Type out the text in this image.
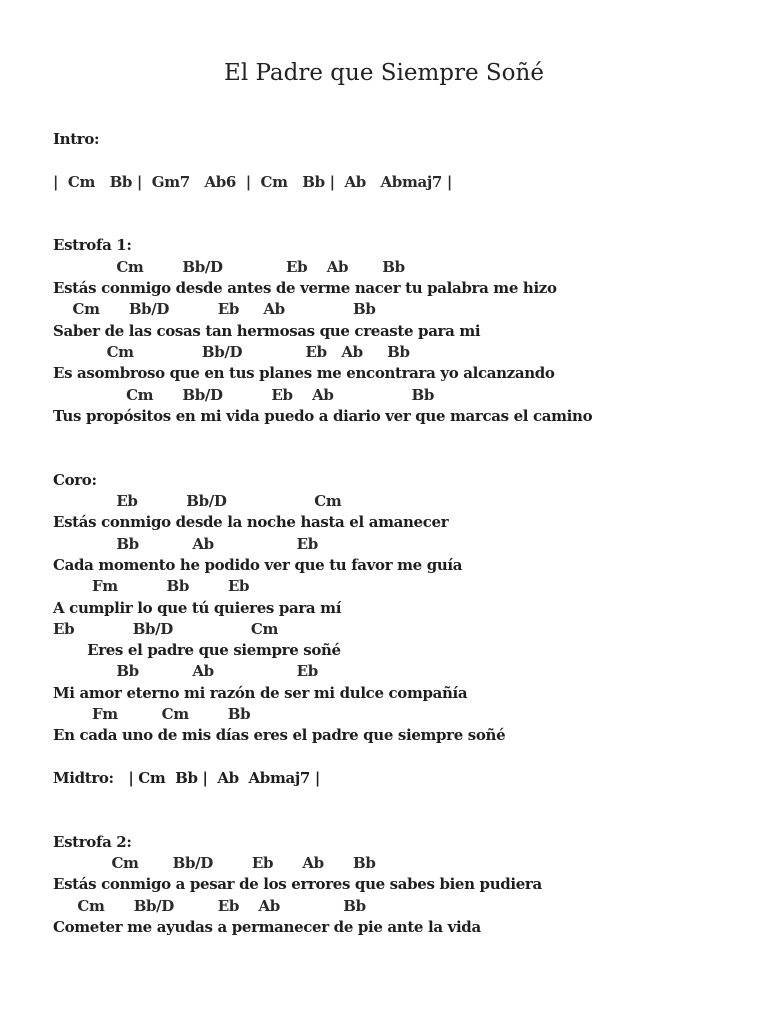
El Padre que Siempre Soñé
Intro:
|  Cm   Bb |  Gm7   Ab6  |  Cm   Bb |  Ab   Abmaj7 |
Estrofa 1:
Cm        Bb/D             Eb    Ab       Bb
Estás conmigo desde antes de verme nacer tu palabra me hizo
Cm      Bb/D          Eb     Ab              Bb
Saber de las cosas tan hermosas que creaste para mi
Cm              Bb/D             Eb   Ab     Bb
Es asombroso que en tus planes me encontrara yo alcanzando
Cm      Bb/D          Eb    Ab                Bb
Tus propósitos en mi vida puedo a diario ver que marcas el camino
Coro:
Eb          Bb/D                  Cm
Estás conmigo desde la noche hasta el amanecer
Bb           Ab                 Eb
Cada momento he podido ver que tu favor me guía
Fm          Bb        Eb
A cumplir lo que tú quieres para mí
Eb            Bb/D                Cm
Eres el padre que siempre soñé
Bb           Ab                 Eb
Mi amor eterno mi razón de ser mi dulce compañía
Fm         Cm        Bb
En cada uno de mis días eres el padre que siempre soñé
Midtro:   | Cm  Bb |  Ab  Abmaj7 |
Estrofa 2:
Cm       Bb/D        Eb      Ab      Bb
Estás conmigo a pesar de los errores que sabes bien pudiera
Cm      Bb/D         Eb    Ab             Bb
Cometer me ayudas a permanecer de pie ante la vida
